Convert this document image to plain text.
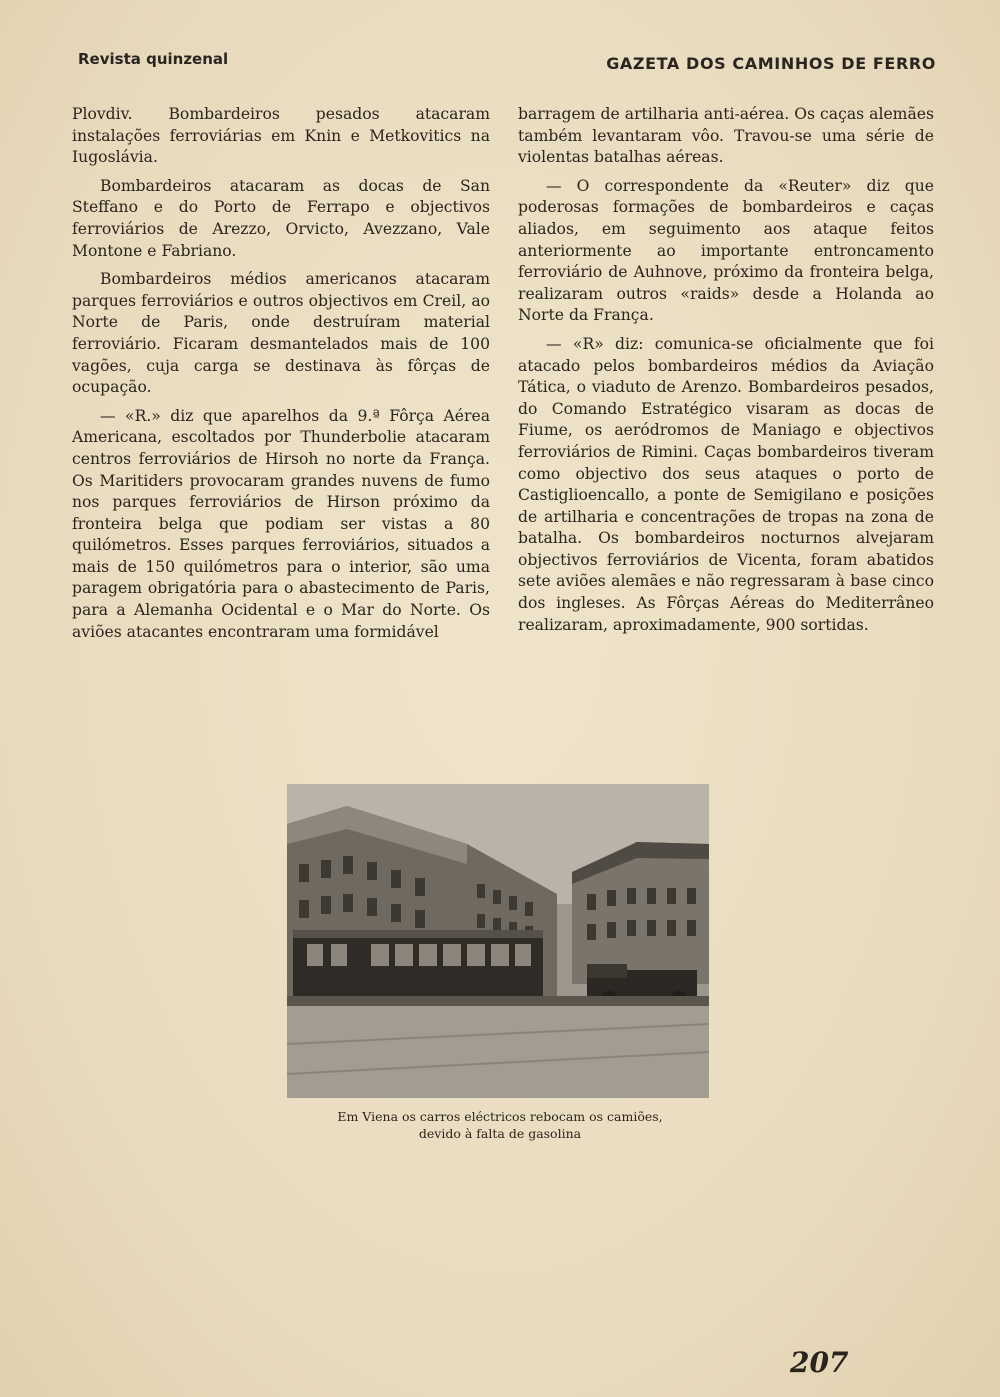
Revista quinzenal	GAZETA DOS CAMINHOS DE FERRO

Plovdiv. Bombardeiros pesados atacaram instalações ferroviárias em Knin e Metkovitics na Iugoslávia.

Bombardeiros atacaram as docas de San Steffano e do Porto de Ferrapo e objectivos ferroviários de Arezzo, Orvicto, Avezzano, Vale Montone e Fabriano.

Bombardeiros médios americanos atacaram parques ferroviários e outros objectivos em Creil, ao Norte de Paris, onde destruíram material ferroviário. Ficaram desmantelados mais de 100 vagões, cuja carga se destinava às fôrças de ocupação.

— «R.» diz que aparelhos da 9.ª Fôrça Aérea Americana, escoltados por Thunderbolie atacaram centros ferroviários de Hirsoh no norte da França. Os Maritiders provocaram grandes nuvens de fumo nos parques ferroviários de Hirson próximo da fronteira belga que podiam ser vistas a 80 quilómetros. Esses parques ferroviários, situados a mais de 150 quilómetros para o interior, são uma paragem obrigatória para o abastecimento de Paris, para a Alemanha Ocidental e o Mar do Norte. Os aviões atacantes encontraram uma formidável

barragem de artilharia anti-aérea. Os caças alemães também levantaram vôo. Travou-se uma série de violentas batalhas aéreas.

— O correspondente da «Reuter» diz que poderosas formações de bombardeiros e caças aliados, em seguimento aos ataque feitos anteriormente ao importante entroncamento ferroviário de Auhnove, próximo da fronteira belga, realizaram outros «raids» desde a Holanda ao Norte da França.

— «R» diz: comunica-se oficialmente que foi atacado pelos bombardeiros médios da Aviação Tática, o viaduto de Arenzo. Bombardeiros pesados, do Comando Estratégico visaram as docas de Fiume, os aeródromos de Maniago e objectivos ferroviários de Rimini. Caças bombardeiros tiveram como objectivo dos seus ataques o porto de Castiglioencallo, a ponte de Semigilano e posições de artilharia e concentrações de tropas na zona de batalha. Os bombardeiros nocturnos alvejaram objectivos ferroviários de Vicenta, foram abatidos sete aviões alemães e não regressaram à base cinco dos ingleses. As Fôrças Aéreas do Mediterrâneo realizaram, aproximadamente, 900 sortidas.

Em Viena os carros eléctricos rebocam os camiões,
devido à falta de gasolina
207
